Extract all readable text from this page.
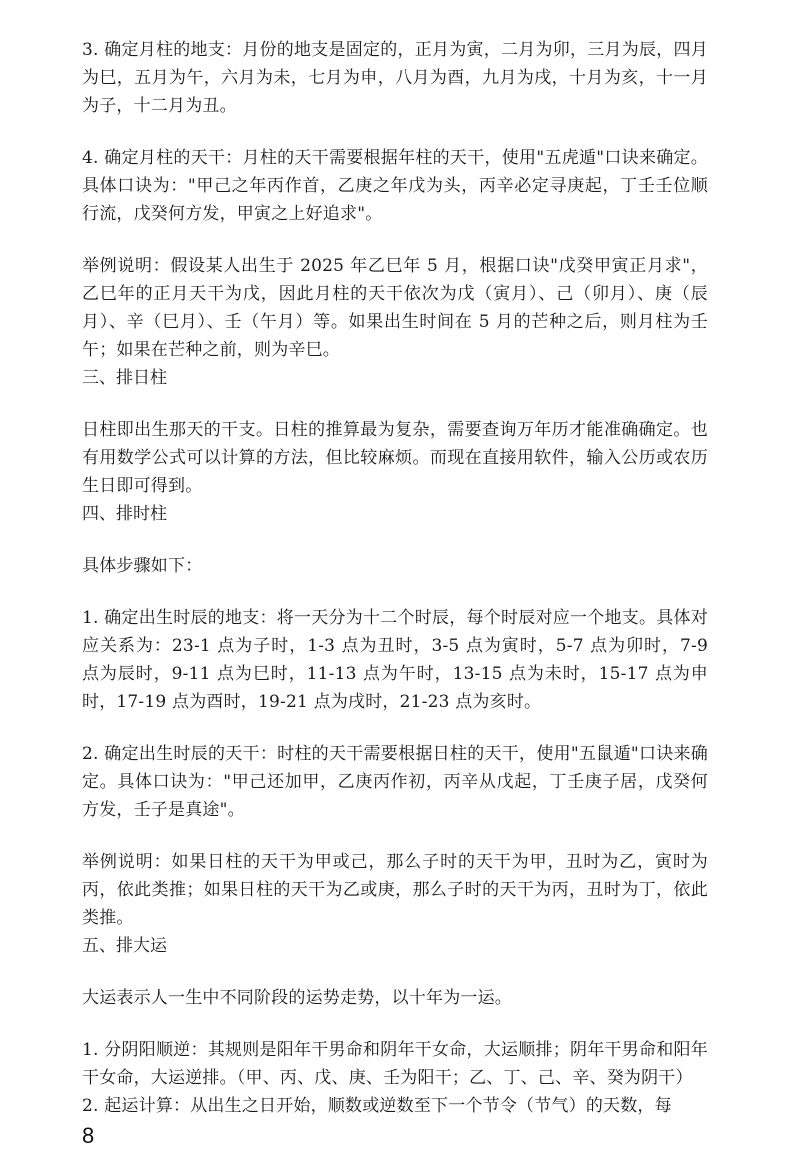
3. 确定月柱的地支：月份的地支是固定的，正月为寅，二月为卯，三月为辰，四月为巳，五月为午，六月为未，七月为申，八月为酉，九月为戌，十月为亥，十一月为子，十二月为丑。

4. 确定月柱的天干：月柱的天干需要根据年柱的天干，使用"五虎遁"口诀来确定。具体口诀为："甲己之年丙作首，乙庚之年戊为头，丙辛必定寻庚起，丁壬壬位顺行流，戊癸何方发，甲寅之上好追求"。

举例说明：假设某人出生于 2025 年乙巳年 5 月，根据口诀"戊癸甲寅正月求"，乙巳年的正月天干为戊，因此月柱的天干依次为戊（寅月）、己（卯月）、庚（辰月）、辛（巳月）、壬（午月）等。如果出生时间在 5 月的芒种之后，则月柱为壬午；如果在芒种之前，则为辛巳。

三、排日柱

日柱即出生那天的干支。日柱的推算最为复杂，需要查询万年历才能准确确定。也有用数学公式可以计算的方法，但比较麻烦。而现在直接用软件，输入公历或农历生日即可得到。

四、排时柱

具体步骤如下：

1. 确定出生时辰的地支：将一天分为十二个时辰，每个时辰对应一个地支。具体对应关系为：23-1 点为子时，1-3 点为丑时，3-5 点为寅时，5-7 点为卯时，7-9 点为辰时，9-11 点为巳时，11-13 点为午时，13-15 点为未时，15-17 点为申时，17-19 点为酉时，19-21 点为戌时，21-23 点为亥时。

2. 确定出生时辰的天干：时柱的天干需要根据日柱的天干，使用"五鼠遁"口诀来确定。具体口诀为："甲己还加甲，乙庚丙作初，丙辛从戊起，丁壬庚子居，戊癸何方发，壬子是真途"。

举例说明：如果日柱的天干为甲或己，那么子时的天干为甲，丑时为乙，寅时为丙，依此类推；如果日柱的天干为乙或庚，那么子时的天干为丙，丑时为丁，依此类推。

五、排大运

大运表示人一生中不同阶段的运势走势，以十年为一运。

1. 分阴阳顺逆：其规则是阳年干男命和阴年干女命，大运顺排；阴年干男命和阳年干女命，大运逆排。（甲、丙、戊、庚、壬为阳干；乙、丁、己、辛、癸为阴干）

2. 起运计算：从出生之日开始，顺数或逆数至下一个节令（节气）的天数，每

8
